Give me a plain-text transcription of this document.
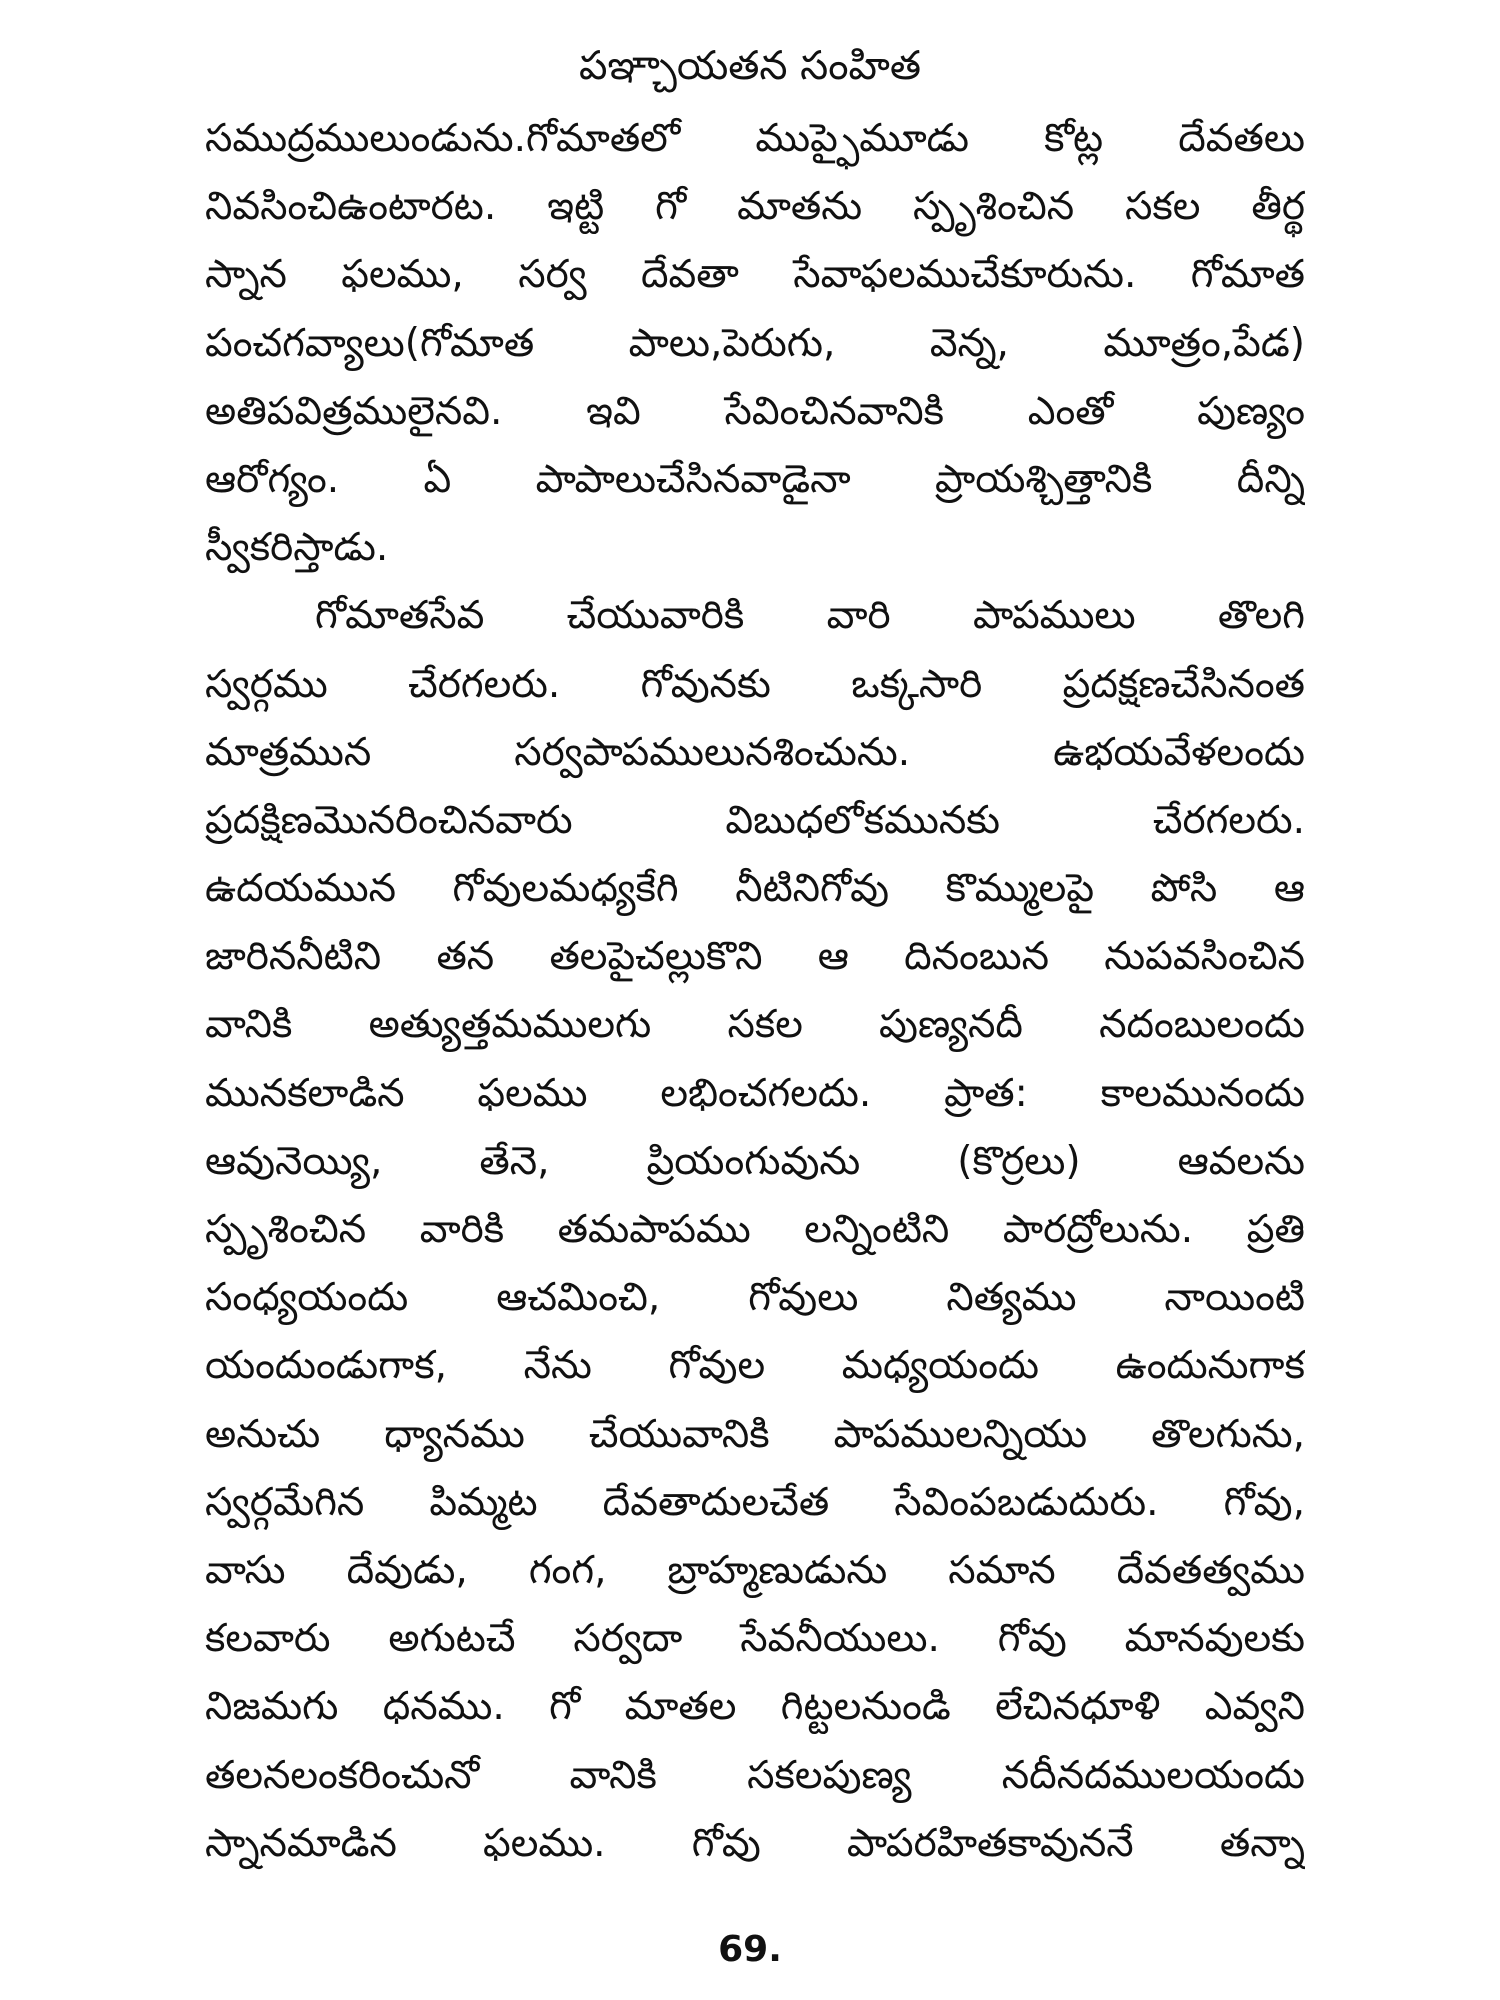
పఞ్చాయతన సంహిత
సముద్రములుండును.గోమాతలో ముప్ఫైమూడు కోట్ల దేవతలు
నివసించిఉంటారట. ఇట్టి గో మాతను స్పృశించిన సకల తీర్థ
స్నాన ఫలము, సర్వ దేవతా సేవాఫలముచేకూరును. గోమాత
పంచగవ్యాలు(గోమాత పాలు,పెరుగు, వెన్న, మూత్రం,పేడ)
అతిపవిత్రములైనవి. ఇవి సేవించినవానికి ఎంతో పుణ్యం
ఆరోగ్యం. ఏ పాపాలుచేసినవాడైనా ప్రాయశ్చిత్తానికి దీన్ని
స్వీకరిస్తాడు.
గోమాతసేవ చేయువారికి వారి పాపములు తొలగి
స్వర్గము చేరగలరు. గోవునకు ఒక్కసారి ప్రదక్షణచేసినంత
మాత్రమున సర్వపాపములునశించును. ఉభయవేళలందు
ప్రదక్షిణమొనరించినవారు విబుధలోకమునకు చేరగలరు.
ఉదయమున గోవులమధ్యకేగి నీటినిగోవు కొమ్ములపై పోసి ఆ
జారిననీటిని తన తలపైచల్లుకొని ఆ దినంబున నుపవసించిన
వానికి అత్యుత్తమములగు సకల పుణ్యనదీ నదంబులందు
మునకలాడిన ఫలము లభించగలదు. ప్రాత: కాలమునందు
ఆవునెయ్యి, తేనె, ప్రియంగువును (కొర్రలు) ఆవలను
స్పృశించిన వారికి తమపాపము లన్నింటిని పారద్రోలును. ప్రతి
సంధ్యయందు ఆచమించి, గోవులు నిత్యము నాయింటి
యందుండుగాక, నేను గోవుల మధ్యయందు ఉందునుగాక
అనుచు ధ్యానము చేయువానికి పాపములన్నియు తొలగును,
స్వర్గమేగిన పిమ్మట దేవతాదులచేత సేవింపబడుదురు. గోవు,
వాసు దేవుడు, గంగ, బ్రాహ్మణుడును సమాన దేవతత్వము
కలవారు అగుటచే సర్వదా సేవనీయులు. గోవు మానవులకు
నిజమగు ధనము. గో మాతల గిట్టలనుండి లేచినధూళి ఎవ్వని
తలనలంకరించునో వానికి సకలపుణ్య నదీనదములయందు
స్నానమాడిన ఫలము. గోవు పాపరహితకావుననే తన్నా
69.
